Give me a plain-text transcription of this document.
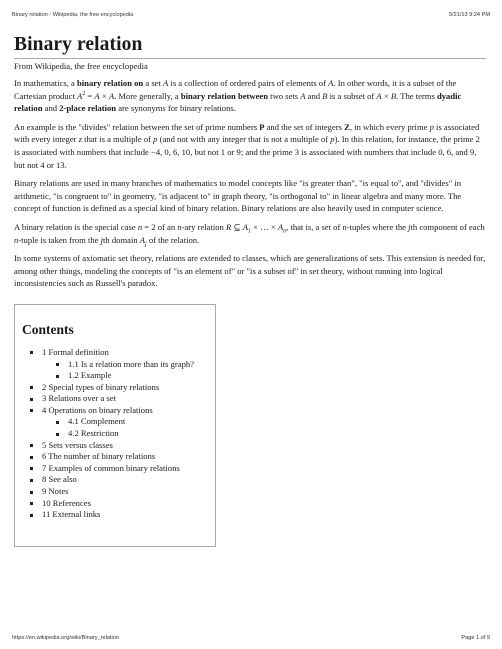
Binary relation - Wikipedia, the free encyclopedia	5/21/13 9:24 PM
Binary relation
From Wikipedia, the free encyclopedia

In mathematics, a binary relation on a set A is a collection of ordered pairs of elements of A. In other words, it is a subset of the Cartesian product $A^2 = A \times A$. More generally, a binary relation between two sets A and B is a subset of A × B. The terms dyadic relation and 2-place relation are synonyms for binary relations.

An example is the "divides" relation between the set of prime numbers P and the set of integers Z, in which every prime p is associated with every integer z that is a multiple of p (and not with any integer that is not a multiple of p). In this relation, for instance, the prime 2 is associated with numbers that include −4, 0, 6, 10, but not 1 or 9; and the prime 3 is associated with numbers that include 0, 6, and 9, but not 4 or 13.

Binary relations are used in many branches of mathematics to model concepts like "is greater than", "is equal to", and "divides" in arithmetic, "is congruent to" in geometry, "is adjacent to" in graph theory, "is orthogonal to" in linear algebra and many more. The concept of function is defined as a special kind of binary relation. Binary relations are also heavily used in computer science.

A binary relation is the special case n = 2 of an n-ary relation R ⊆ $A_1$ × … × $A_n$, that is, a set of n-tuples where the jth component of each n-tuple is taken from the jth domain $A_j$ of the relation.

In some systems of axiomatic set theory, relations are extended to classes, which are generalizations of sets. This extension is needed for, among other things, modeling the concepts of "is an element of" or "is a subset of" in set theory, without running into logical inconsistencies such as Russell's paradox.

Contents
1 Formal definition
1.1 Is a relation more than its graph?
1.2 Example
2 Special types of binary relations
3 Relations over a set
4 Operations on binary relations
4.1 Complement
4.2 Restriction
5 Sets versus classes
6 The number of binary relations
7 Examples of common binary relations
8 See also
9 Notes
10 References
11 External links
https://en.wikipedia.org/wiki/Binary_relation	Page 1 of 9
